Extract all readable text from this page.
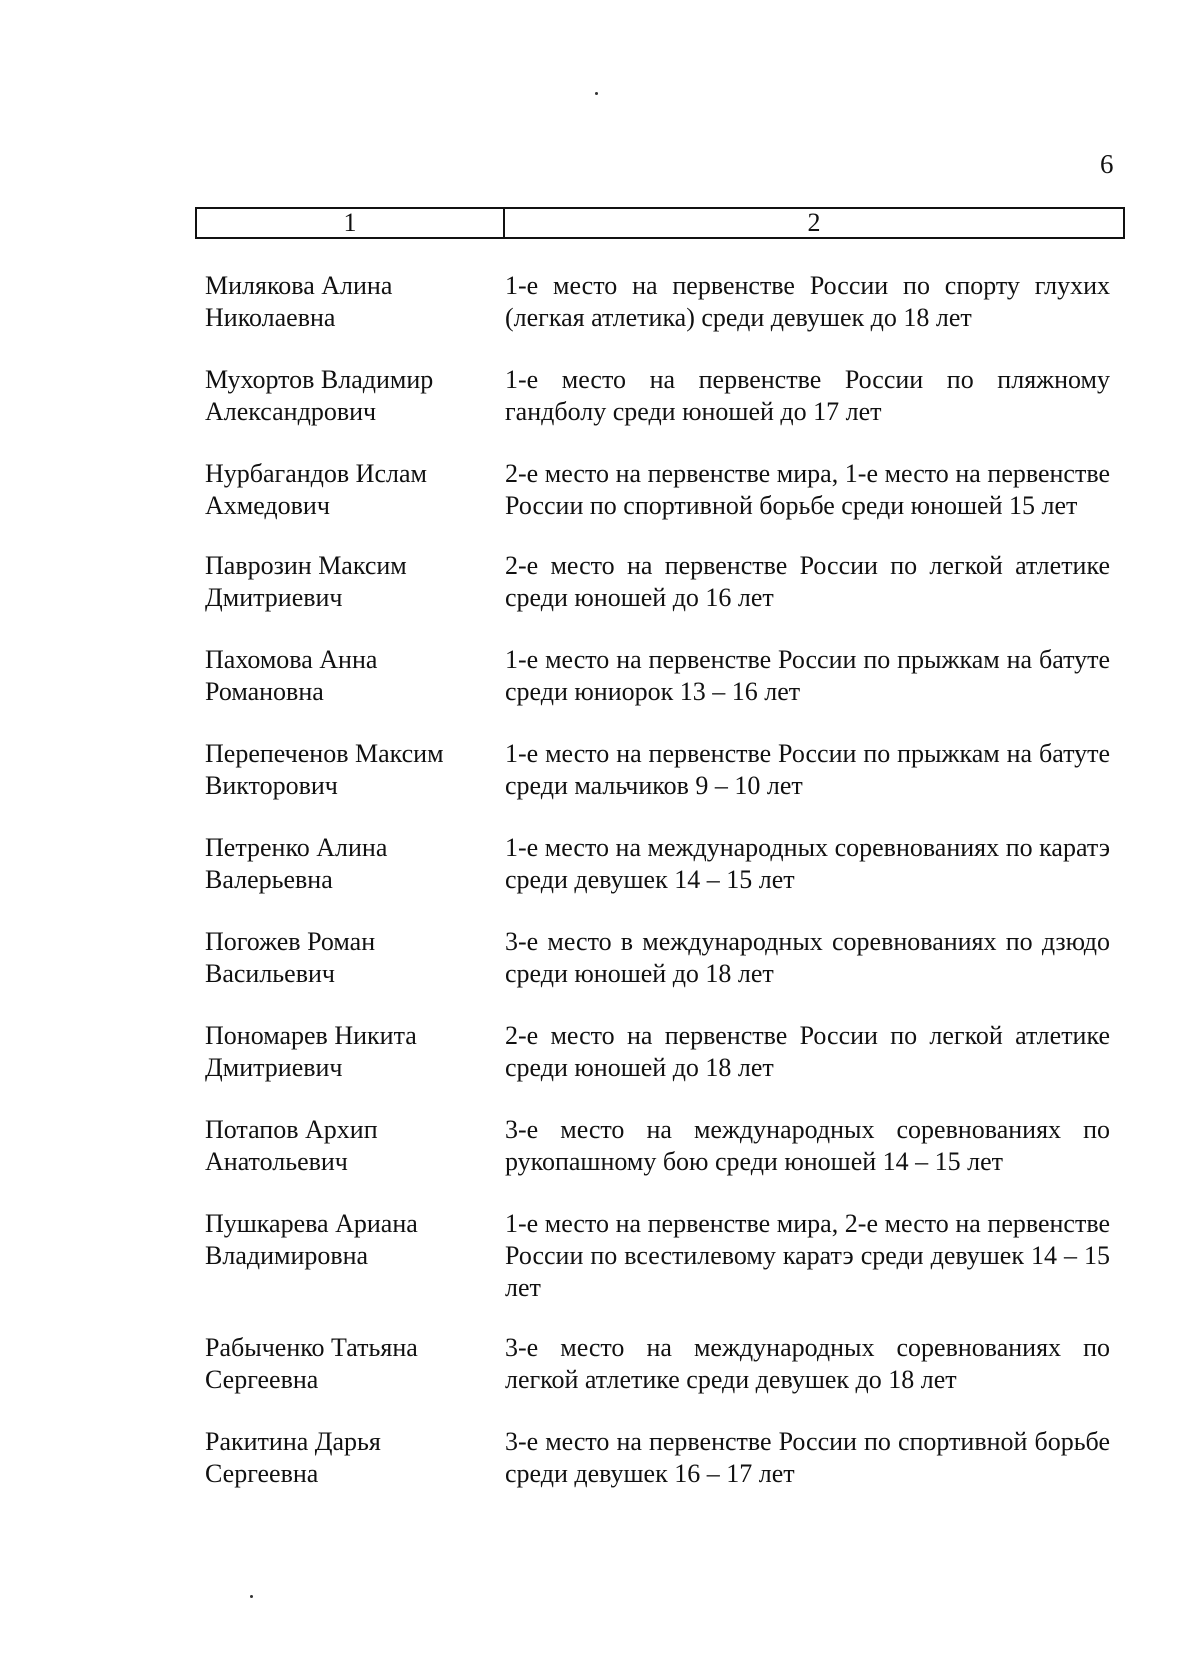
6
1	2
Милякова Алина
Николаевна
1-е место на первенстве России по спорту глухих (легкая атлетика) среди девушек до 18 лет
Мухортов Владимир
Александрович
1-е место на первенстве России по пляжному гандболу среди юношей до 17 лет
Нурбагандов Ислам
Ахмедович
2-е место на первенстве мира, 1-е место на первенстве России по спортивной борьбе среди юношей 15 лет
Паврозин Максим
Дмитриевич
2-е место на первенстве России по легкой атлетике среди юношей до 16 лет
Пахомова Анна
Романовна
1-е место на первенстве России по прыжкам на батуте среди юниорок 13 – 16 лет
Перепеченов Максим
Викторович
1-е место на первенстве России по прыжкам на батуте среди мальчиков 9 – 10 лет
Петренко Алина
Валерьевна
1-е место на международных соревнованиях по каратэ среди девушек 14 – 15 лет
Погожев Роман
Васильевич
3-е место в международных соревнованиях по дзюдо среди юношей до 18 лет
Пономарев Никита
Дмитриевич
2-е место на первенстве России по легкой атлетике среди юношей до 18 лет
Потапов Архип
Анатольевич
3-е место на международных соревнованиях по рукопашному бою среди юношей 14 – 15 лет
Пушкарева Ариана
Владимировна
1-е место на первенстве мира, 2-е место на первенстве России по всестилевому каратэ среди девушек 14 – 15 лет
Рабыченко Татьяна
Сергеевна
3-е место на международных соревнованиях по легкой атлетике среди девушек до 18 лет
Ракитина Дарья
Сергеевна
3-е место на первенстве России по спортивной борьбе среди девушек 16 – 17 лет
